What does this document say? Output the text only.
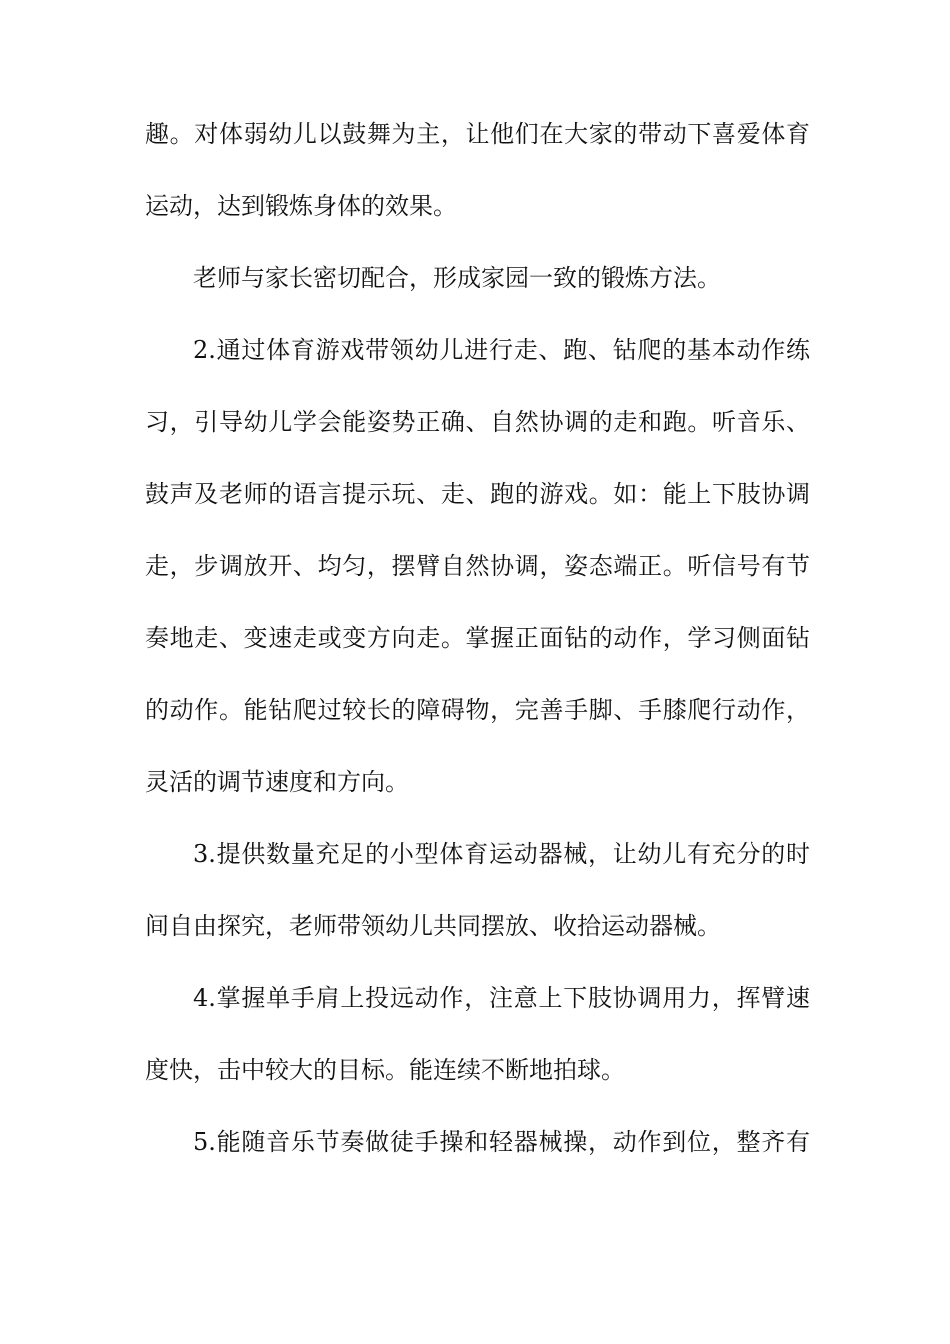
趣。对体弱幼儿以鼓舞为主，让他们在大家的带动下喜爱体育
运动，达到锻炼身体的效果。
老师与家长密切配合，形成家园一致的锻炼方法。
2.通过体育游戏带领幼儿进行走、跑、钻爬的基本动作练
习，引导幼儿学会能姿势正确、自然协调的走和跑。听音乐、
鼓声及老师的语言提示玩、走、跑的游戏。如：能上下肢协调
走，步调放开、均匀，摆臂自然协调，姿态端正。听信号有节
奏地走、变速走或变方向走。掌握正面钻的动作，学习侧面钻
的动作。能钻爬过较长的障碍物，完善手脚、手膝爬行动作，
灵活的调节速度和方向。
3.提供数量充足的小型体育运动器械，让幼儿有充分的时
间自由探究，老师带领幼儿共同摆放、收拾运动器械。
4.掌握单手肩上投远动作，注意上下肢协调用力，挥臂速
度快，击中较大的目标。能连续不断地拍球。
5.能随音乐节奏做徒手操和轻器械操，动作到位，整齐有
